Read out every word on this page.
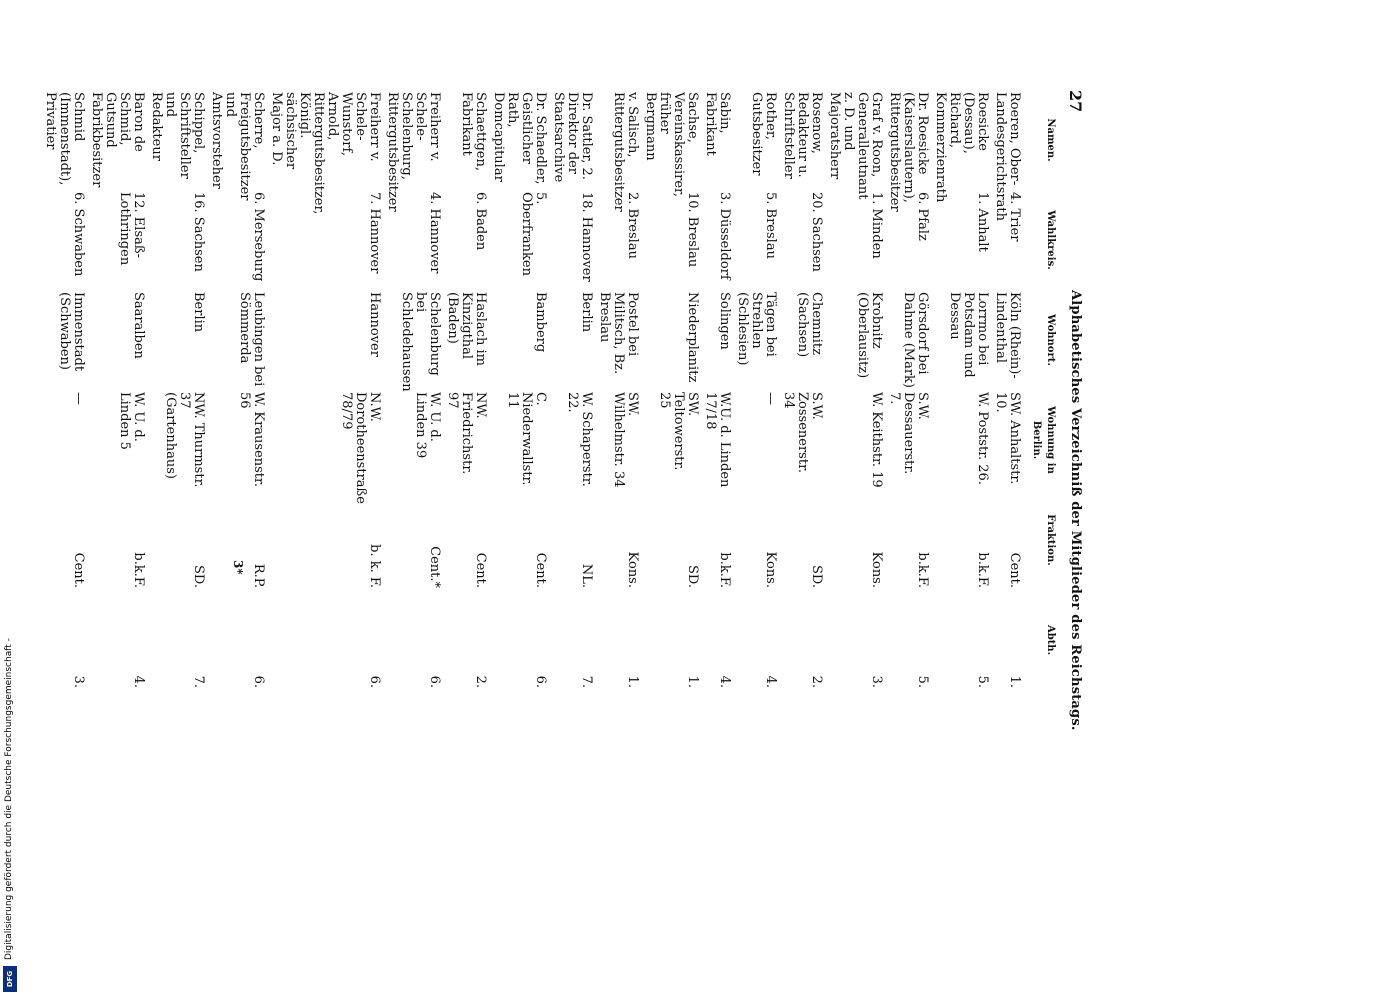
27
Alphabetisches Verzeichniß der Mitglieder des Reichstags.
Namen.	Wahlkreis.	Wohnort.	Wohnung in Berlin.	Fraktion.	Abth.
Roeren, Ober-Landesgerichtsrath	4. Trier	Köln (Rhein)-Lindenthal	SW. Anhaltstr. 10.	Cent.	1.
Roesicke (Dessau), Richard, Kommerzienrath	1. Anhalt	Lorrmo bei Potsdam und Dessau	W. Poststr. 26.	b.k.F.	5.
Dr. Roesicke (Kaiserslautern), Rittergutsbesitzer	6. Pfalz	Görsdorf bei Dahme (Mark)	S.W. Dessauerstr. 7.	b.k.F.	5.
Graf v. Roon, Generalleutnant z. D. und Majoratsherr	1. Minden	Krobnitz (Oberlausitz)	W. Keithstr. 19	Kons.	3.
Rosenow, Redakteur u. Schriftsteller	20. Sachsen	Chemnitz (Sachsen)	S.W. Zossenerstr. 34	SD.	2.
Rother, Gutsbesitzer	5. Breslau	Tägen bei Strehlen (Schlesien)	—	Kons.	4.
Sabin, Fabrikant	3. Düsseldorf	Solingen	W.U. d. Linden 17/18	b.k.F.	4.
Sachse, Vereinskassirer, früher Bergmann	10. Breslau	Niederplanitz	SW. Teltowerstr. 25	SD.	1.
v. Salisch, Rittergutsbesitzer	2. Breslau	Postel bei Militsch, Bz. Breslau	SW. Wilhelmstr. 34	Kons.	1.
Dr. Sattler, 2. Direktor der Staatsarchive	18. Hannover	Berlin	W. Schaperstr. 22.	NL.	7.
Dr. Schaedler, Geistlicher Rath, Domcapitular	5. Oberfranken	Bamberg	C. Niederwallstr. 11	Cent.	6.
Schaettgen, Fabrikant	6. Baden	Haslach im Kinzigthal (Baden)	NW. Friedrichstr. 97	Cent.	2.
Freiherr v. Schele-Schelenburg, Rittergutsbesitzer	4. Hannover	Schelenburg bei Schledehausen	W. U. d. Linden 39	Cent.*	6.
Freiherr v. Schele-Wunstorf, Arnold, Rittergutsbesitzer, Königl. sächsischer Major a. D.	7. Hannover	Hannover	N.W. Dorotheenstraße 78/79	b. k. F.	6.
Scherre, Freigutsbesitzer und Amtsvorsteher	6. Merseburg	Leubingen bei Sömmerda	W. Krausenstr. 56	R.P.	6.
Schippel, Schriftsteller und Redakteur	16. Sachsen	Berlin	NW. Thurmstr. 37 (Gartenhaus)	SD.	7.
Baron de Schmid, Gutsund Fabrikbesitzer	12. Elsaß-Lothringen	Saaralben	W. U. d. Linden 5	b.k.F.	4.
Schmid (Immenstadt), Privatier	6. Schwaben	Immenstadt (Schwaben)	—	Cent.	3.
3*
Digitalisierung gefördert durch die Deutsche Forschungsgemeinschaft -
DFG
